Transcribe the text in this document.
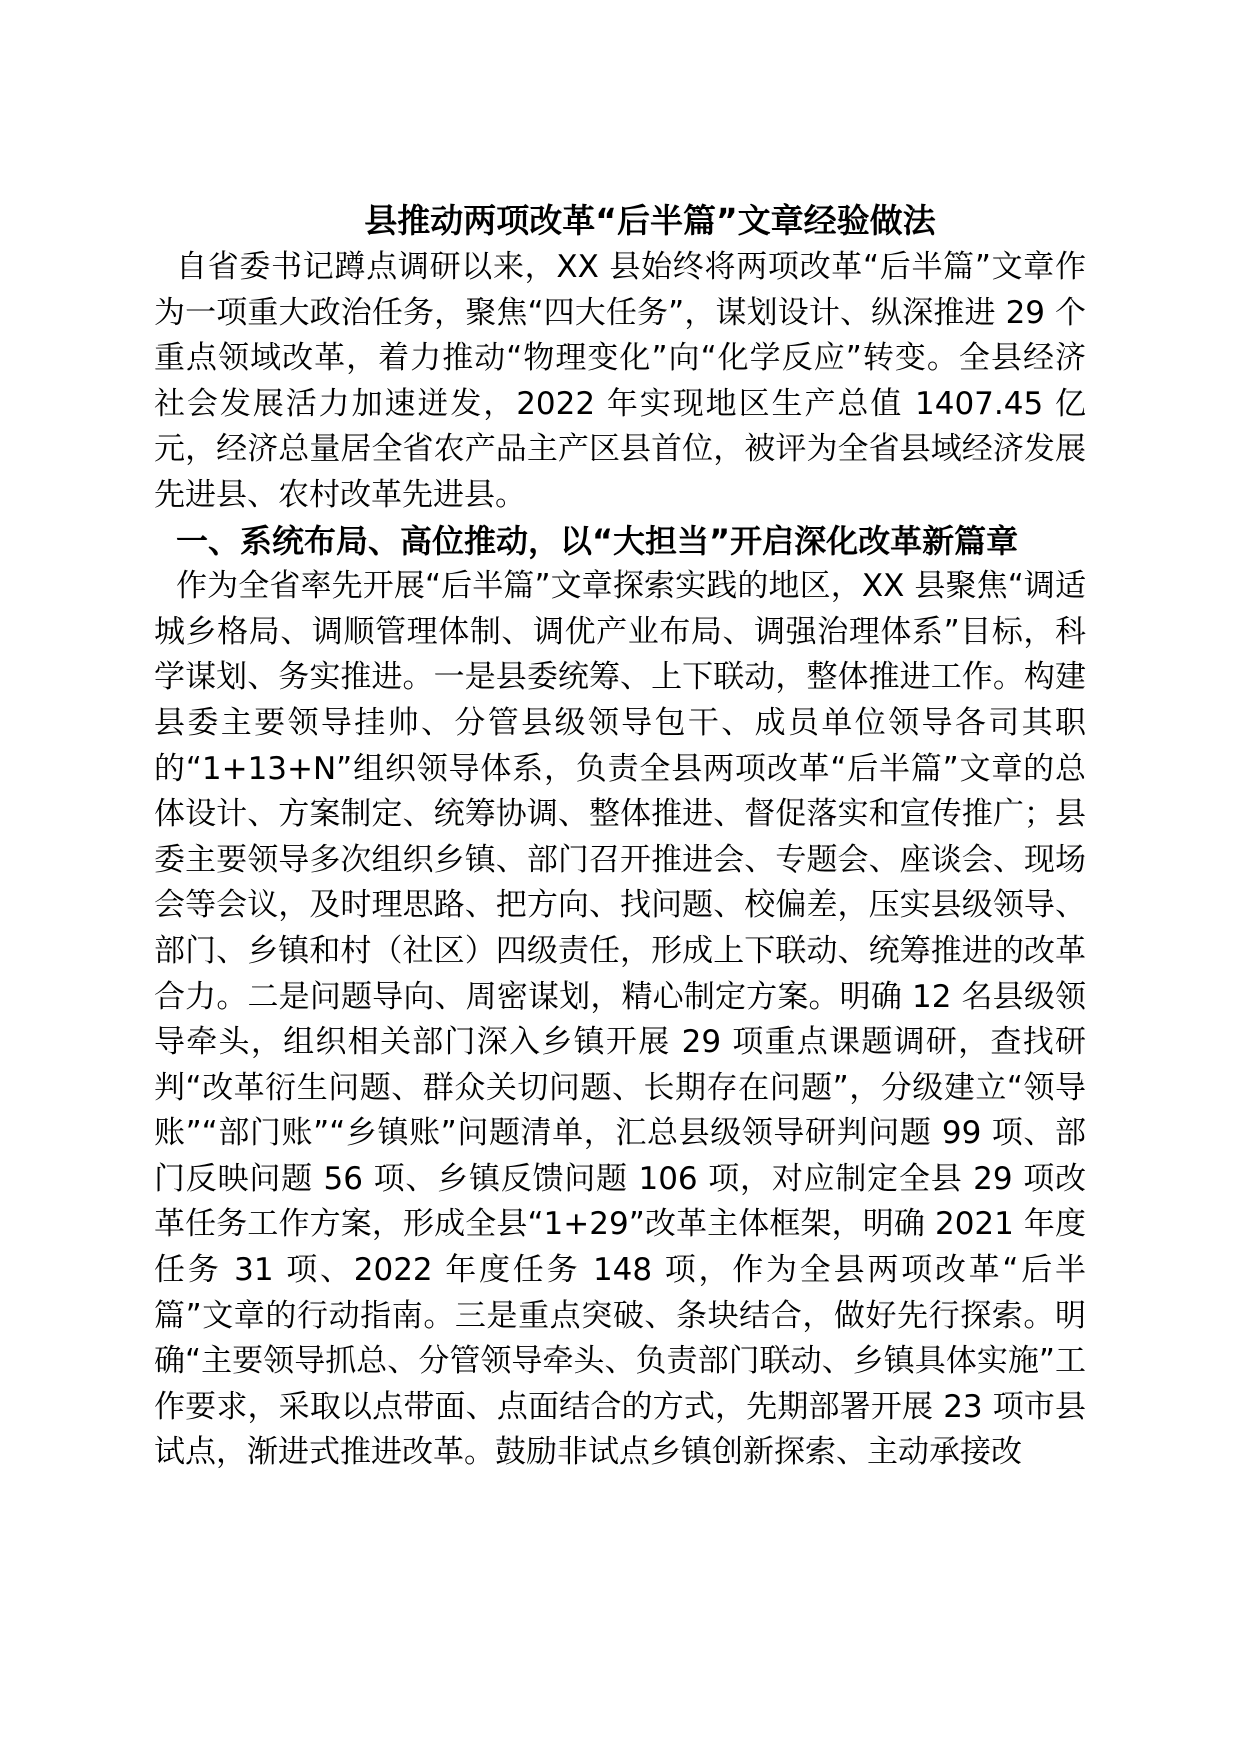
县推动两项改革“后半篇”文章经验做法

自省委书记蹲点调研以来，XX 县始终将两项改革“后半篇”文章作为一项重大政治任务，聚焦“四大任务”，谋划设计、纵深推进 29 个重点领域改革，着力推动“物理变化”向“化学反应”转变。全县经济社会发展活力加速迸发，2022 年实现地区生产总值 1407.45 亿元，经济总量居全省农产品主产区县首位，被评为全省县域经济发展先进县、农村改革先进县。

一、系统布局、高位推动，以“大担当”开启深化改革新篇章

作为全省率先开展“后半篇”文章探索实践的地区，XX 县聚焦“调适城乡格局、调顺管理体制、调优产业布局、调强治理体系”目标，科学谋划、务实推进。一是县委统筹、上下联动，整体推进工作。构建县委主要领导挂帅、分管县级领导包干、成员单位领导各司其职的“1+13+N”组织领导体系，负责全县两项改革“后半篇”文章的总体设计、方案制定、统筹协调、整体推进、督促落实和宣传推广；县委主要领导多次组织乡镇、部门召开推进会、专题会、座谈会、现场会等会议，及时理思路、把方向、找问题、校偏差，压实县级领导、部门、乡镇和村（社区）四级责任，形成上下联动、统筹推进的改革合力。二是问题导向、周密谋划，精心制定方案。明确 12 名县级领导牵头，组织相关部门深入乡镇开展 29 项重点课题调研，查找研判“改革衍生问题、群众关切问题、长期存在问题”，分级建立“领导账”“部门账”“乡镇账”问题清单，汇总县级领导研判问题 99 项、部门反映问题 56 项、乡镇反馈问题 106 项，对应制定全县 29 项改革任务工作方案，形成全县“1+29”改革主体框架，明确 2021 年度任务 31 项、2022 年度任务 148 项，作为全县两项改革“后半篇”文章的行动指南。三是重点突破、条块结合，做好先行探索。明确“主要领导抓总、分管领导牵头、负责部门联动、乡镇具体实施”工作要求，采取以点带面、点面结合的方式，先期部署开展 23 项市县试点，渐进式推进改革。鼓励非试点乡镇创新探索、主动承接改
